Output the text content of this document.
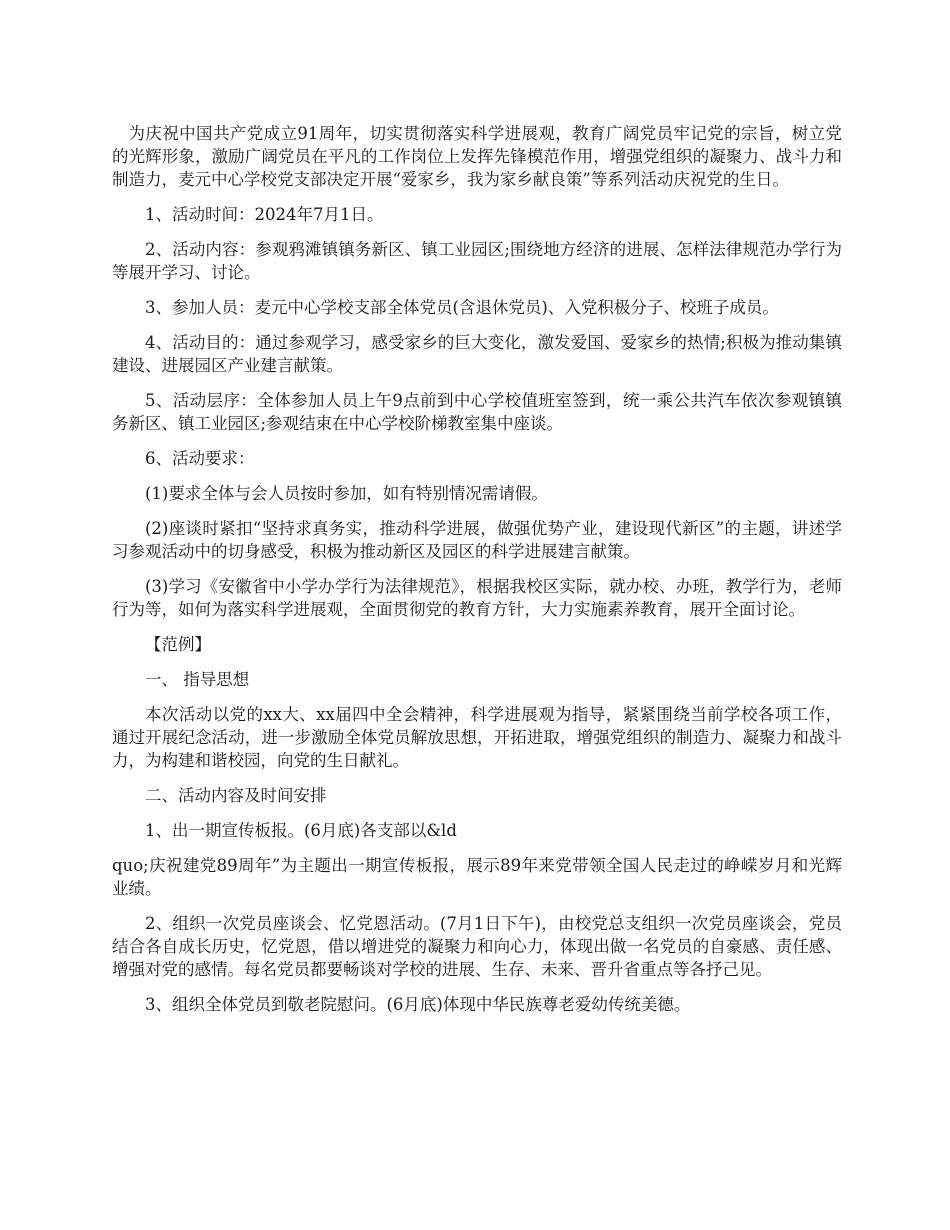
为庆祝中国共产党成立91周年，切实贯彻落实科学进展观，教育广阔党员牢记党的宗旨，树立党的光辉形象，激励广阔党员在平凡的工作岗位上发挥先锋模范作用，增强党组织的凝聚力、战斗力和制造力，麦元中心学校党支部决定开展“爱家乡，我为家乡献良策”等系列活动庆祝党的生日。

1、活动时间：2024年7月1日。

2、活动内容：参观鸦滩镇镇务新区、镇工业园区;围绕地方经济的进展、怎样法律规范办学行为等展开学习、讨论。

3、参加人员：麦元中心学校支部全体党员(含退休党员)、入党积极分子、校班子成员。

4、活动目的：通过参观学习，感受家乡的巨大变化，激发爱国、爱家乡的热情;积极为推动集镇建设、进展园区产业建言献策。

5、活动层序：全体参加人员上午9点前到中心学校值班室签到，统一乘公共汽车依次参观镇镇务新区、镇工业园区;参观结束在中心学校阶梯教室集中座谈。

6、活动要求：

(1)要求全体与会人员按时参加，如有特别情况需请假。

(2)座谈时紧扣“坚持求真务实，推动科学进展，做强优势产业，建设现代新区”的主题，讲述学习参观活动中的切身感受，积极为推动新区及园区的科学进展建言献策。

(3)学习《安徽省中小学办学行为法律规范》，根据我校区实际，就办校、办班，教学行为，老师行为等，如何为落实科学进展观，全面贯彻党的教育方针，大力实施素养教育，展开全面讨论。

【范例】

一、 指导思想

本次活动以党的xx大、xx届四中全会精神，科学进展观为指导，紧紧围绕当前学校各项工作，通过开展纪念活动，进一步激励全体党员解放思想，开拓进取，增强党组织的制造力、凝聚力和战斗力，为构建和谐校园，向党的生日献礼。

二、活动内容及时间安排

1、出一期宣传板报。(6月底)各支部以&ld

quo;庆祝建党89周年”为主题出一期宣传板报，展示89年来党带领全国人民走过的峥嵘岁月和光辉业绩。

2、组织一次党员座谈会、忆党恩活动。(7月1日下午)，由校党总支组织一次党员座谈会，党员结合各自成长历史，忆党恩，借以增进党的凝聚力和向心力，体现出做一名党员的自豪感、责任感、增强对党的感情。每名党员都要畅谈对学校的进展、生存、未来、晋升省重点等各抒己见。

3、组织全体党员到敬老院慰问。(6月底)体现中华民族尊老爱幼传统美德。
